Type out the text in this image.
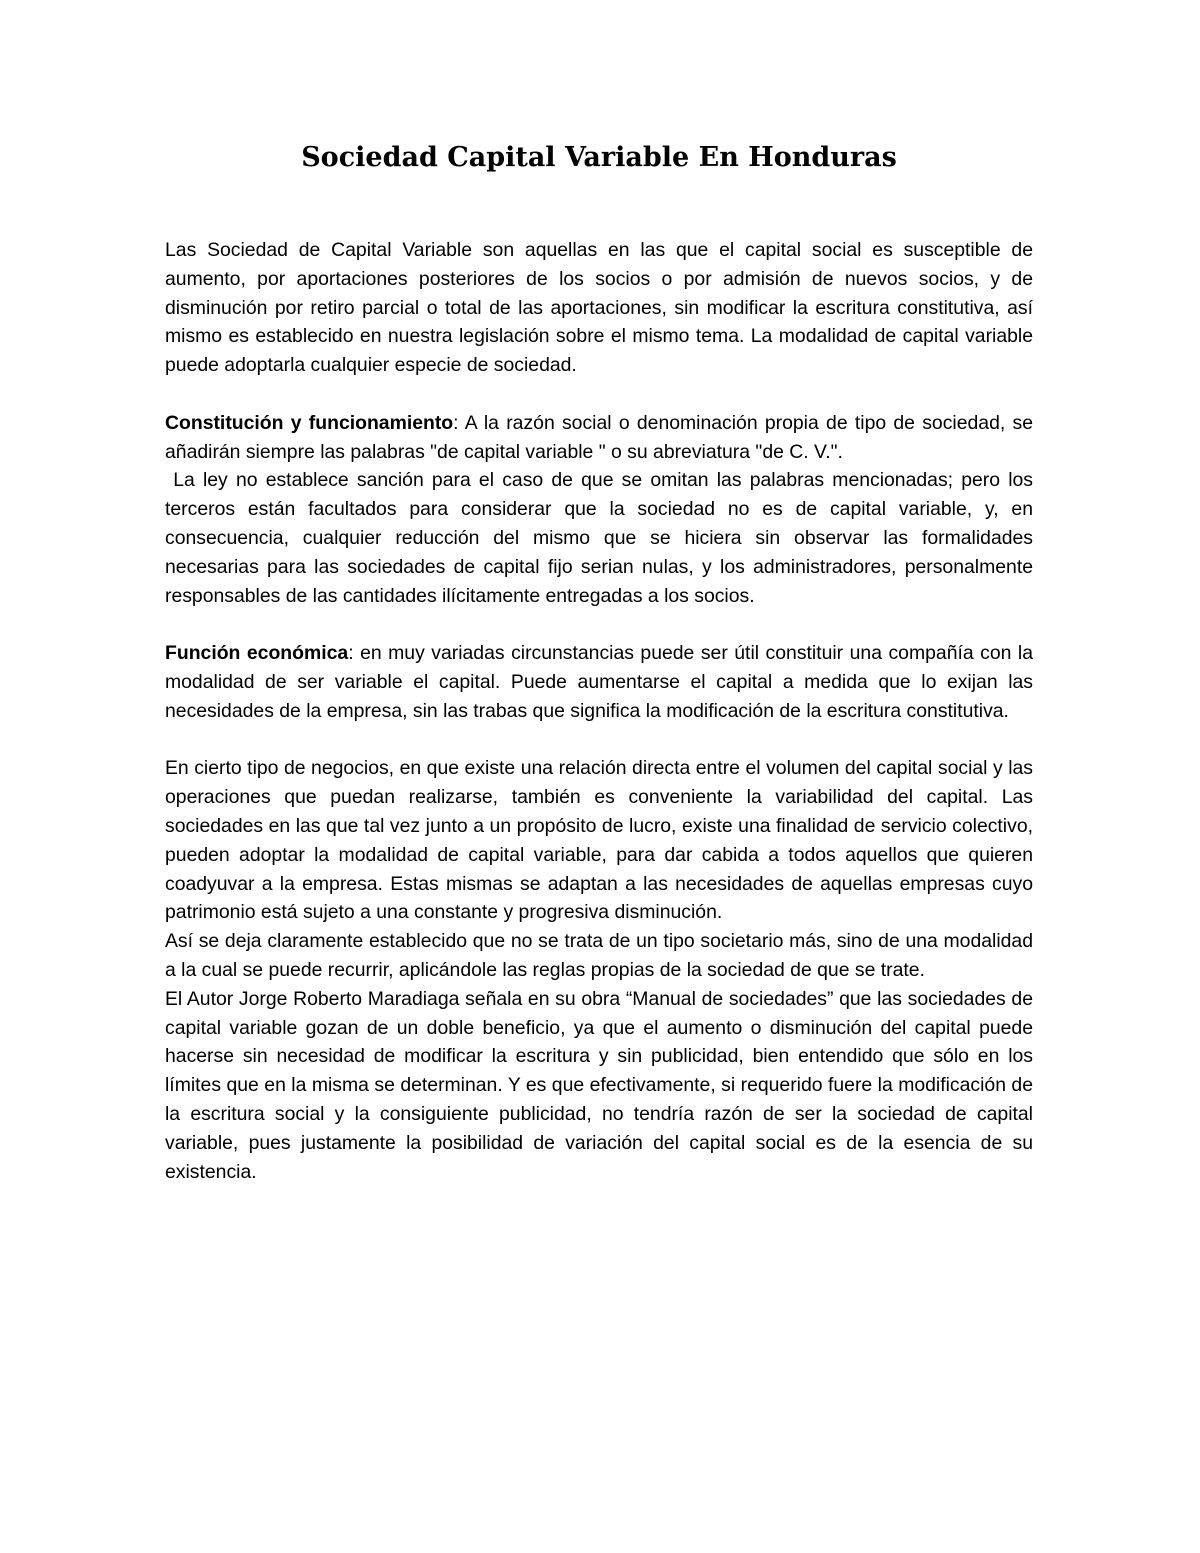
Sociedad Capital Variable En Honduras

Las Sociedad de Capital Variable son aquellas en las que el capital social es susceptible de aumento, por aportaciones posteriores de los socios o por admisión de nuevos socios, y de disminución por retiro parcial o total de las aportaciones, sin modificar la escritura constitutiva, así mismo es establecido en nuestra legislación sobre el mismo tema. La modalidad de capital variable puede adoptarla cualquier especie de sociedad.

Constitución y funcionamiento: A la razón social o denominación propia de tipo de sociedad, se añadirán siempre las palabras "de capital variable " o su abreviatura "de C. V.".

La ley no establece sanción para el caso de que se omitan las palabras mencionadas; pero los terceros están facultados para considerar que la sociedad no es de capital variable, y, en consecuencia, cualquier reducción del mismo que se hiciera sin observar las formalidades necesarias para las sociedades de capital fijo serian nulas, y los administradores, personalmente responsables de las cantidades ilícitamente entregadas a los socios.

Función económica: en muy variadas circunstancias puede ser útil constituir una compañía con la modalidad de ser variable el capital. Puede aumentarse el capital a medida que lo exijan las necesidades de la empresa, sin las trabas que significa la modificación de la escritura constitutiva.

En cierto tipo de negocios, en que existe una relación directa entre el volumen del capital social y las operaciones que puedan realizarse, también es conveniente la variabilidad del capital. Las sociedades en las que tal vez junto a un propósito de lucro, existe una finalidad de servicio colectivo, pueden adoptar la modalidad de capital variable, para dar cabida a todos aquellos que quieren coadyuvar a la empresa. Estas mismas se adaptan a las necesidades de aquellas empresas cuyo patrimonio está sujeto a una constante y progresiva disminución.

Así se deja claramente establecido que no se trata de un tipo societario más, sino de una modalidad a la cual se puede recurrir, aplicándole las reglas propias de la sociedad de que se trate.

El Autor Jorge Roberto Maradiaga señala en su obra “Manual de sociedades” que las sociedades de capital variable gozan de un doble beneficio, ya que el aumento o disminución del capital puede hacerse sin necesidad de modificar la escritura y sin publicidad, bien entendido que sólo en los límites que en la misma se determinan. Y es que efectivamente, si requerido fuere la modificación de la escritura social y la consiguiente publicidad, no tendría razón de ser la sociedad de capital variable, pues justamente la posibilidad de variación del capital social es de la esencia de su existencia.
